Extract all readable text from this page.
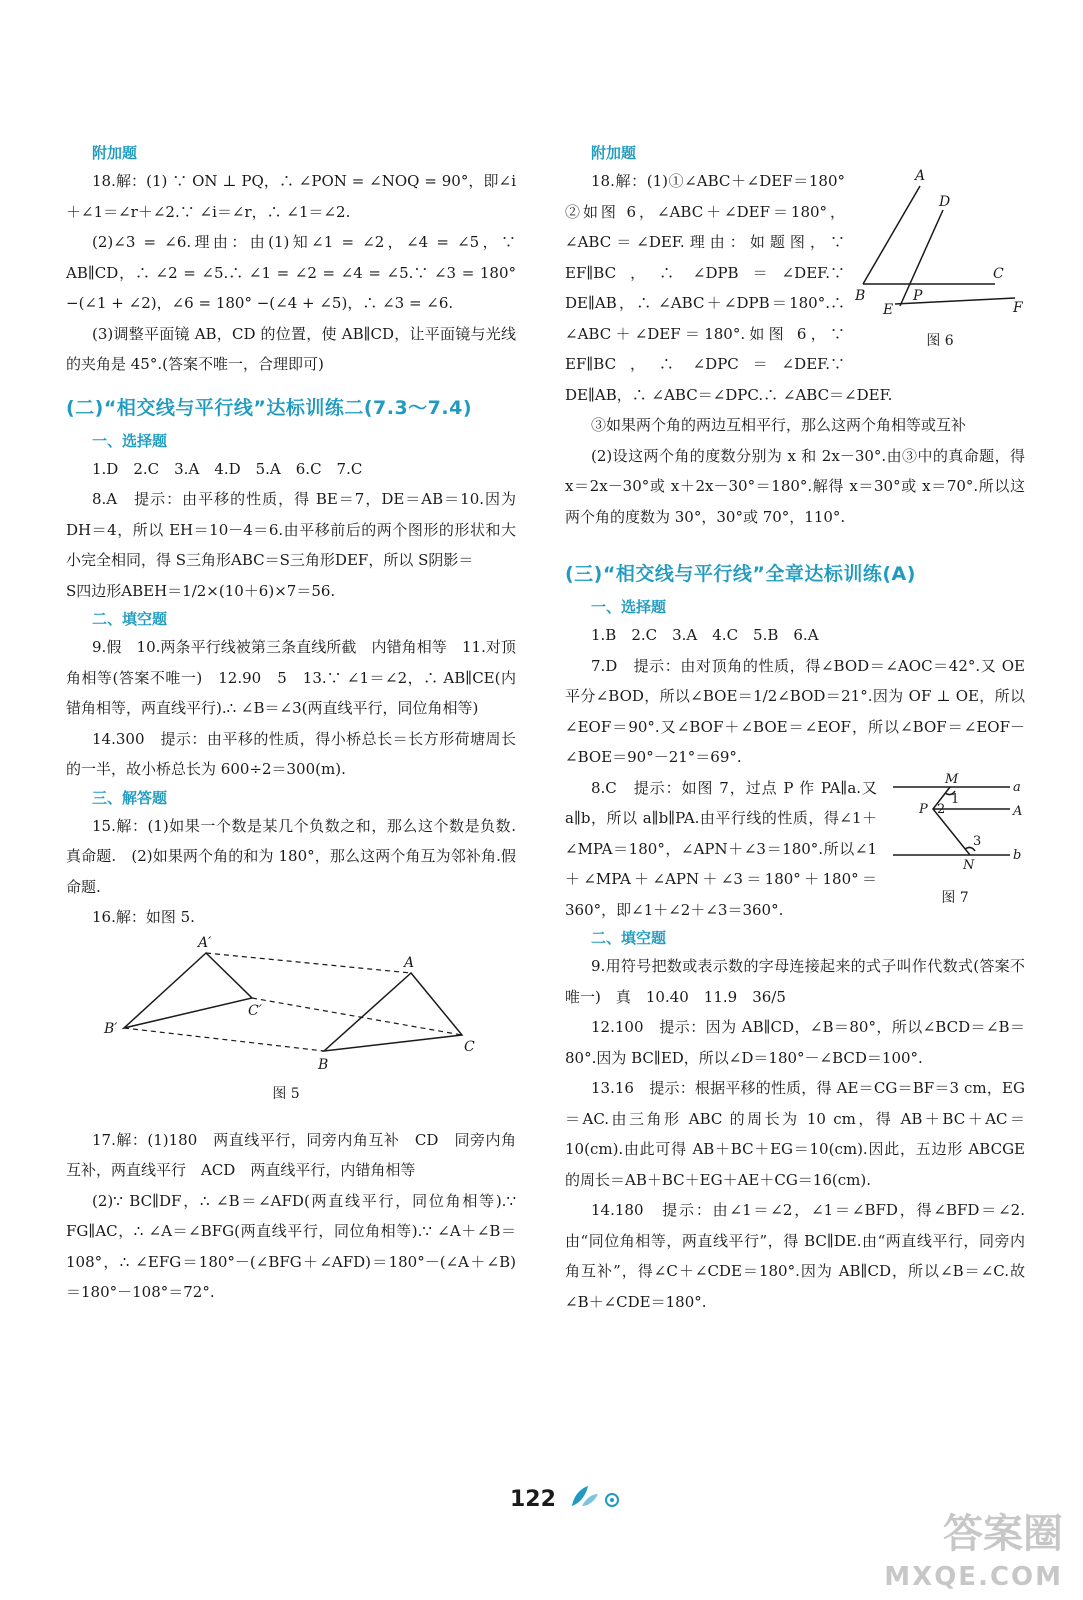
附加题

18.解：(1) ∵ ON ⊥ PQ，∴ ∠PON = ∠NOQ = 90°，即∠i＋∠1＝∠r＋∠2.∵ ∠i＝∠r，∴ ∠1＝∠2.

(2)∠3 = ∠6.理由：由(1)知∠1 = ∠2，∠4 = ∠5，∵ AB∥CD，∴ ∠2 = ∠5.∴ ∠1 = ∠2 = ∠4 = ∠5.∵ ∠3 = 180° −(∠1 + ∠2)，∠6 = 180° −(∠4 + ∠5)，∴ ∠3 = ∠6.

(3)调整平面镜 AB，CD 的位置，使 AB∥CD，让平面镜与光线的夹角是 45°.(答案不唯一，合理即可)

(二)“相交线与平行线”达标训练二(7.3～7.4)
一、选择题

1.D　2.C　3.A　4.D　5.A　6.C　7.C

8.A　提示：由平移的性质，得 BE＝7，DE＝AB＝10.因为 DH＝4，所以 EH＝10－4＝6.由平移前后的两个图形的形状和大小完全相同，得 S三角形ABC＝S三角形DEF，所以 S阴影＝

S四边形ABEH＝1/2×(10＋6)×7＝56.

二、填空题

9.假　10.两条平行线被第三条直线所截　内错角相等　11.对顶角相等(答案不唯一)　12.90　5　13.∵ ∠1＝∠2，∴ AB∥CE(内错角相等，两直线平行).∴ ∠B＝∠3(两直线平行，同位角相等)

14.300　提示：由平移的性质，得小桥总长＝长方形荷塘周长的一半，故小桥总长为 600÷2＝300(m).

三、解答题

15.解：(1)如果一个数是某几个负数之和，那么这个数是负数.真命题.　(2)如果两个角的和为 180°，那么这两个角互为邻补角.假命题.

16.解：如图 5.

A′
B′
C′
A
B
C
图 5

17.解：(1)180　两直线平行，同旁内角互补　CD　同旁内角互补，两直线平行　ACD　两直线平行，内错角相等

(2)∵ BC∥DF，∴ ∠B＝∠AFD(两直线平行，同位角相等).∵ FG∥AC，∴ ∠A＝∠BFG(两直线平行，同位角相等).∵ ∠A＋∠B＝108°，∴ ∠EFG＝180°－(∠BFG＋∠AFD)＝180°－(∠A＋∠B)＝180°－108°＝72°.

附加题
A
D
B	P
C
E	F
图 6

18.解：(1)①∠ABC＋∠DEF＝180°　②如图 6，∠ABC＋∠DEF＝180°，∠ABC＝∠DEF.理由：如题图，∵ EF∥BC，∴ ∠DPB＝∠DEF.∵ DE∥AB，∴ ∠ABC＋∠DPB＝180°.∴ ∠ABC＋∠DEF＝180°.如图 6，∵ EF∥BC，∴ ∠DPC＝∠DEF.∵ DE∥AB，∴ ∠ABC＝∠DPC.∴ ∠ABC＝∠DEF.

③如果两个角的两边互相平行，那么这两个角相等或互补

(2)设这两个角的度数分别为 x 和 2x－30°.由③中的真命题，得 x＝2x－30°或 x＋2x－30°＝180°.解得 x＝30°或 x＝70°.所以这两个角的度数为 30°，30°或 70°，110°.

(三)“相交线与平行线”全章达标训练(A)
一、选择题

1.B　2.C　3.A　4.C　5.B　6.A

7.D　提示：由对顶角的性质，得∠BOD＝∠AOC＝42°.又 OE 平分∠BOD，所以∠BOE＝1/2∠BOD＝21°.因为 OF ⊥ OE，所以∠EOF＝90°.又∠BOF＋∠BOE＝∠EOF，所以∠BOF＝∠EOF－∠BOE＝90°－21°＝69°.

M
a
P
1
2	A
3
N
b
图 7

8.C　提示：如图 7，过点 P 作 PA∥a.又 a∥b，所以 a∥b∥PA.由平行线的性质，得∠1＋∠MPA＝180°，∠APN＋∠3＝180°.所以∠1＋∠MPA＋∠APN＋∠3＝180°＋180°＝360°，即∠1＋∠2＋∠3＝360°.

二、填空题

9.用符号把数或表示数的字母连接起来的式子叫作代数式(答案不唯一)　真　10.40　11.9　36/5

12.100　提示：因为 AB∥CD，∠B＝80°，所以∠BCD＝∠B＝80°.因为 BC∥ED，所以∠D＝180°－∠BCD＝100°.

13.16　提示：根据平移的性质，得 AE＝CG＝BF＝3 cm，EG＝AC.由三角形 ABC 的周长为 10 cm，得 AB＋BC＋AC＝10(cm).由此可得 AB＋BC＋EG＝10(cm).因此，五边形 ABCGE 的周长＝AB＋BC＋EG＋AE＋CG＝16(cm).

14.180　提示：由∠1＝∠2，∠1＝∠BFD，得∠BFD＝∠2.由“同位角相等，两直线平行”，得 BC∥DE.由“两直线平行，同旁内角互补”，得∠C＋∠CDE＝180°.因为 AB∥CD，所以∠B＝∠C.故∠B＋∠CDE＝180°.

122
答案圈
MXQE.COM
